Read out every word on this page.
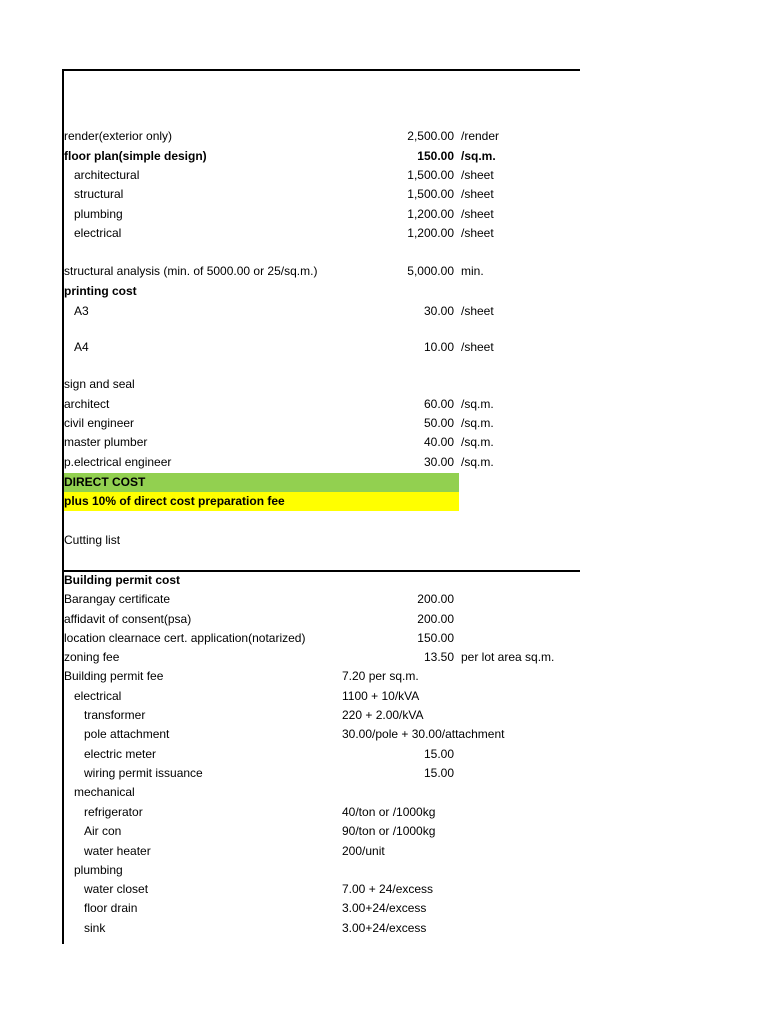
render(exterior only)	2,500.00 /render
floor plan(simple design)	150.00 /sq.m.
architectural	1,500.00 /sheet
structural	1,500.00 /sheet
plumbing	1,200.00 /sheet
electrical	1,200.00 /sheet
structural analysis (min. of 5000.00 or 25/sq.m.)	5,000.00 min.
printing cost
A3	30.00 /sheet
A4	10.00 /sheet
sign and seal
architect	60.00 /sq.m.
civil engineer	50.00 /sq.m.
master plumber	40.00 /sq.m.
p.electrical engineer	30.00 /sq.m.
DIRECT COST
plus 10% of direct cost preparation fee
Cutting list
Building permit cost
Barangay certificate	200.00
affidavit of consent(psa)	200.00
location clearnace cert. application(notarized)	150.00
zoning fee	13.50 per lot area sq.m.
Building permit fee	7.20 per sq.m.
electrical	1100 + 10/kVA
transformer	220 + 2.00/kVA
pole attachment	30.00/pole + 30.00/attachment
electric meter	15.00
wiring permit issuance	15.00
mechanical
refrigerator	40/ton or /1000kg
Air con	90/ton or /1000kg
water heater	200/unit
plumbing
water closet	7.00 + 24/excess
floor drain	3.00+24/excess
sink	3.00+24/excess
